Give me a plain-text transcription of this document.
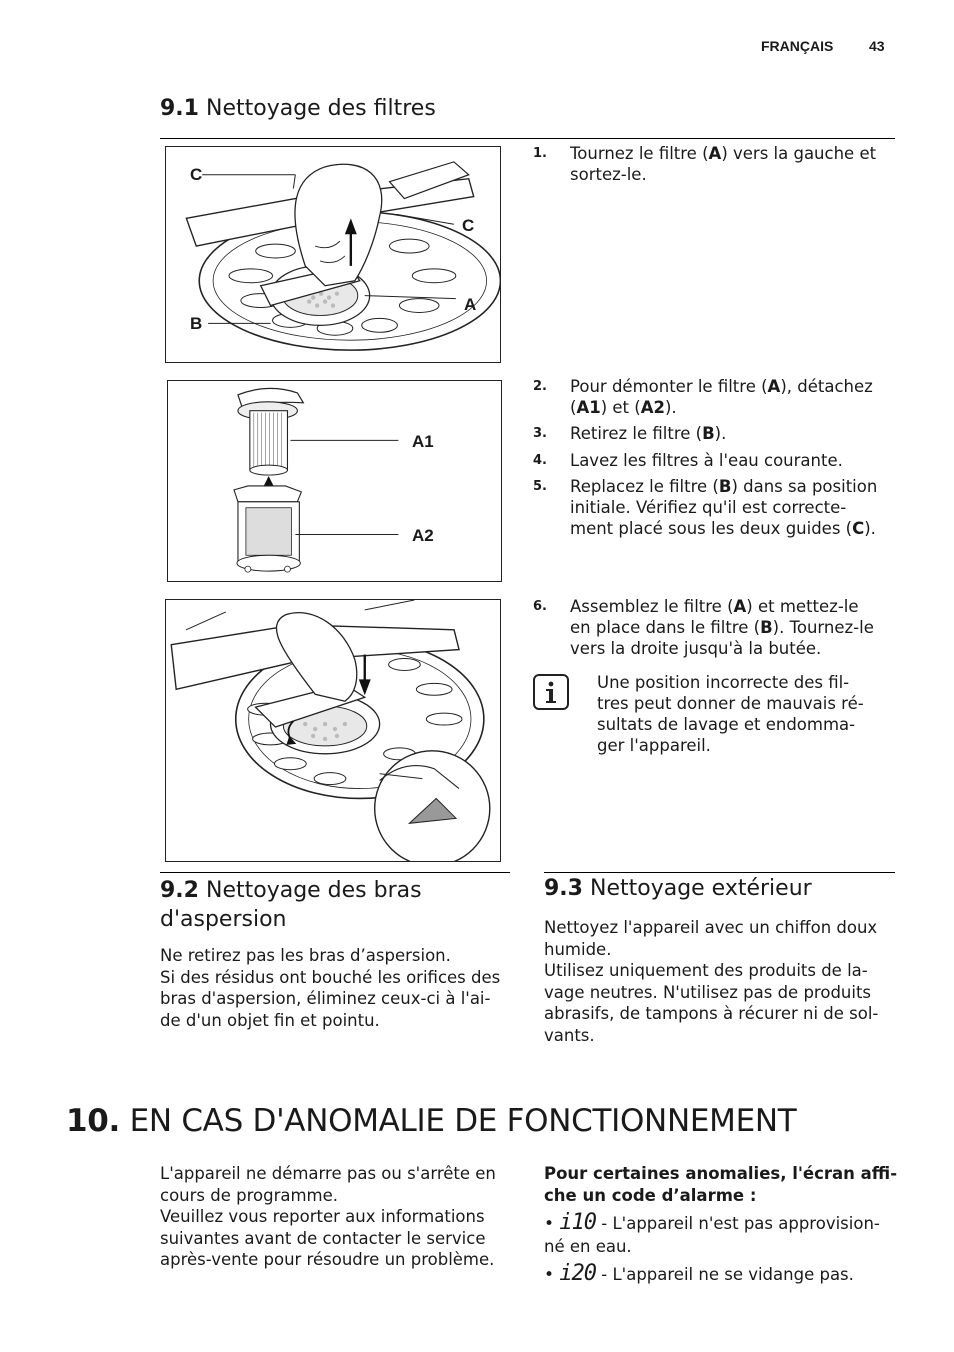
FRANÇAIS	43
9.1 Nettoyage des filtres
C
C
A
B
1. Tournez le filtre (A) vers la gauche et
sortez-le.
A1
A2
2. Pour démonter le filtre (A), détachez
(A1) et (A2).
3. Retirez le filtre (B).
4. Lavez les filtres à l'eau courante.
5. Replacez le filtre (B) dans sa position
initiale. Vérifiez qu'il est correcte-
ment placé sous les deux guides (C).
6. Assemblez le filtre (A) et mettez-le
en place dans le filtre (B). Tournez-le
vers la droite jusqu'à la butée.
Une position incorrecte des fil-
tres peut donner de mauvais ré-
sultats de lavage et endomma-
ger l'appareil.
9.2 Nettoyage des bras
d'aspersion
Ne retirez pas les bras d’aspersion.
Si des résidus ont bouché les orifices des
bras d'aspersion, éliminez ceux-ci à l'ai-
de d'un objet fin et pointu.
9.3 Nettoyage extérieur
Nettoyez l'appareil avec un chiffon doux
humide.
Utilisez uniquement des produits de la-
vage neutres. N'utilisez pas de produits
abrasifs, de tampons à récurer ni de sol-
vants.
10. EN CAS D'ANOMALIE DE FONCTIONNEMENT
L'appareil ne démarre pas ou s'arrête en
cours de programme.
Veuillez vous reporter aux informations
suivantes avant de contacter le service
après-vente pour résoudre un problème.
Pour certaines anomalies, l'écran affi-
che un code d’alarme :
• i10 - L'appareil n'est pas approvision-
né en eau.
• i20 - L'appareil ne se vidange pas.
